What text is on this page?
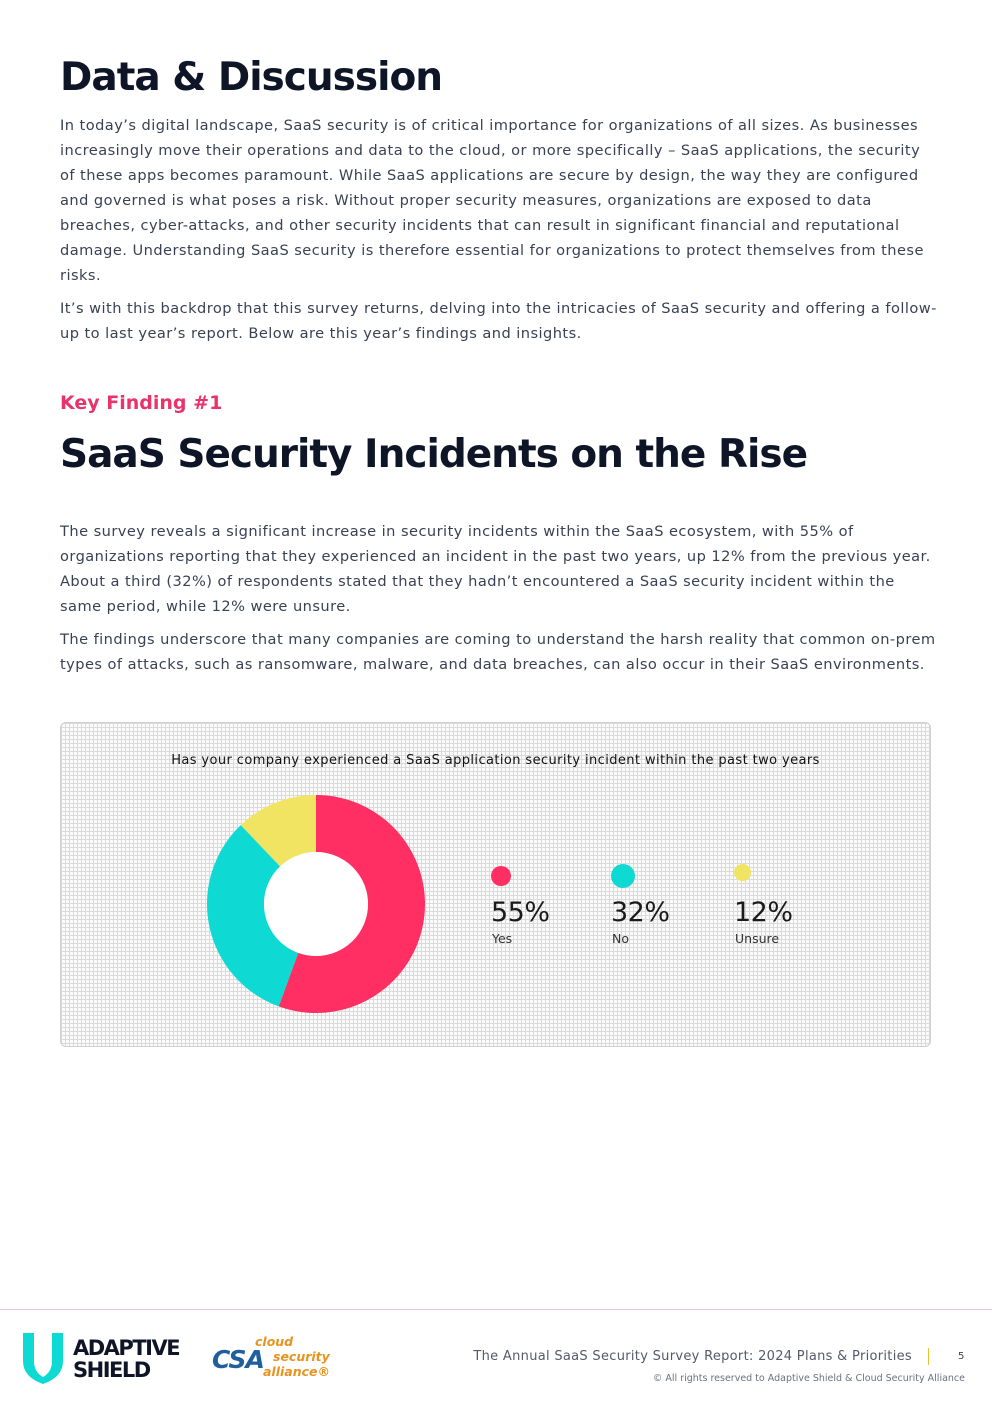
Data & Discussion

In today’s digital landscape, SaaS security is of critical importance for organizations of all sizes. As businesses increasingly move their operations and data to the cloud, or more specifically – SaaS applications, the security of these apps becomes paramount. While SaaS applications are secure by design, the way they are configured and governed is what poses a risk. Without proper security measures, organizations are exposed to data breaches, cyber-attacks, and other security incidents that can result in significant financial and reputational damage. Understanding SaaS security is therefore essential for organizations to protect themselves from these risks.

It’s with this backdrop that this survey returns, delving into the intricacies of SaaS security and offering a follow-up to last year’s report. Below are this year’s findings and insights.

Key Finding #1
SaaS Security Incidents on the Rise

The survey reveals a significant increase in security incidents within the SaaS ecosystem, with 55% of organizations reporting that they experienced an incident in the past two years, up 12% from the previous year. About a third (32%) of respondents stated that they hadn’t encountered a SaaS security incident within the same period, while 12% were unsure.

The findings underscore that many companies are coming to understand the harsh reality that common on-prem types of attacks, such as ransomware, malware, and data breaches, can also occur in their SaaS environments.

Has your company experienced a SaaS application security incident within the past two years
55%
Yes
32%
No
12%
Unsure
ADAPTIVE
SHIELD CSA
cloud
security
alliance®
The Annual SaaS Security Survey Report: 2024 Plans & Priorities	5
© All rights reserved to Adaptive Shield & Cloud Security Alliance
